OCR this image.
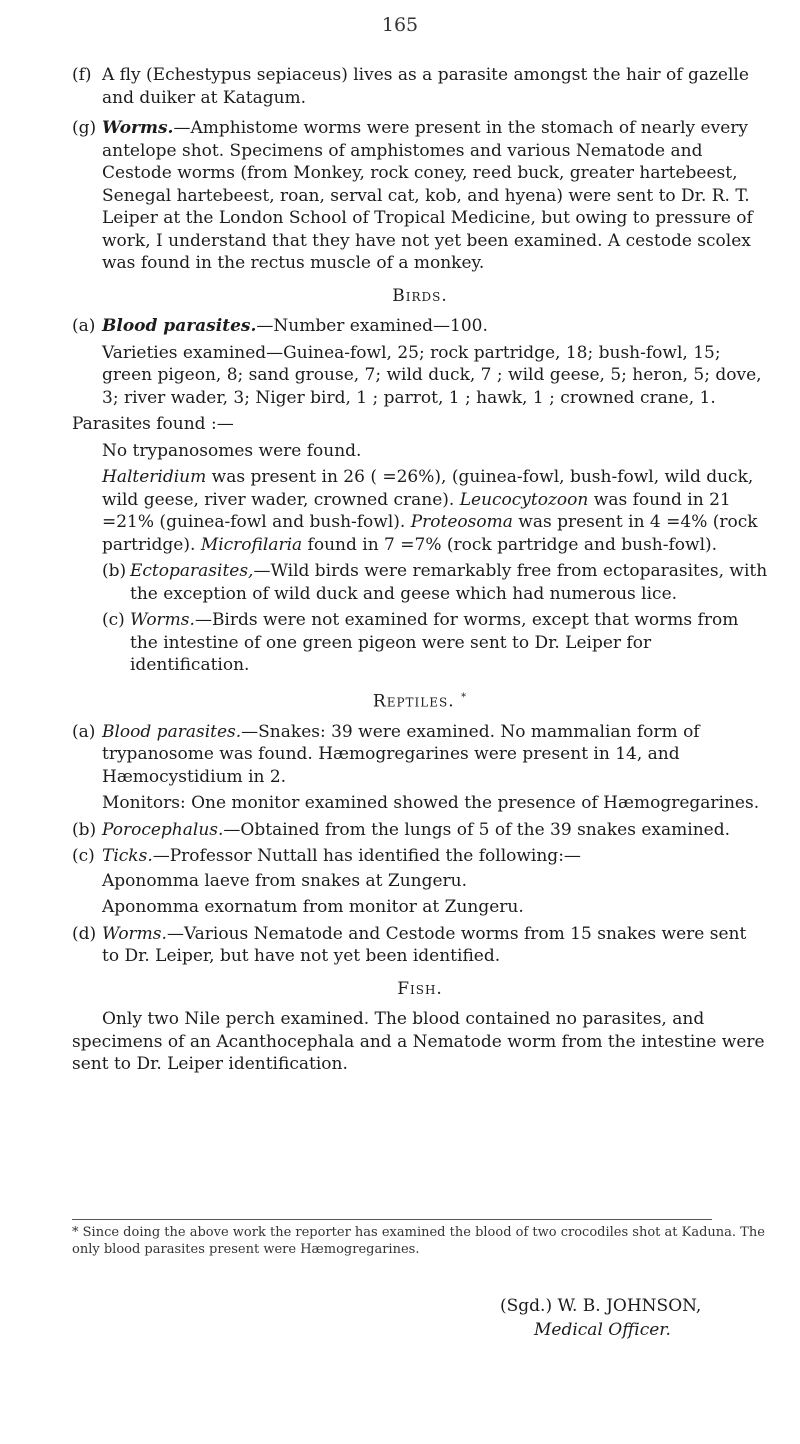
165

(f) A fly (Echestypus sepiaceus) lives as a parasite amongst the hair of gazelle and duiker at Katagum.

(g) Worms.—Amphistome worms were present in the stomach of nearly every antelope shot. Specimens of amphistomes and various Nematode and Cestode worms (from Monkey, rock coney, reed buck, greater hartebeest, Senegal hartebeest, roan, serval cat, kob, and hyena) were sent to Dr. R. T. Leiper at the London School of Tropical Medicine, but owing to pressure of work, I understand that they have not yet been examined. A cestode scolex was found in the rectus muscle of a monkey.

Birds.

(a) Blood parasites.—Number examined—100.

Varieties examined—Guinea-fowl, 25; rock partridge, 18; bush-fowl, 15; green pigeon, 8; sand grouse, 7; wild duck, 7 ; wild geese, 5; heron, 5; dove, 3; river wader, 3; Niger bird, 1 ; parrot, 1 ; hawk, 1 ; crowned crane, 1.

Parasites found :—

No trypanosomes were found.

Halteridium was present in 26 ( =26%), (guinea-fowl, bush-fowl, wild duck, wild geese, river wader, crowned crane). Leucocytozoon was found in 21 =21% (guinea-fowl and bush-fowl). Proteosoma was present in 4 =4% (rock partridge). Microfilaria found in 7 =7% (rock partridge and bush-fowl).

(b) Ectoparasites,—Wild birds were remarkably free from ectoparasites, with the exception of wild duck and geese which had numerous lice.

(c) Worms.—Birds were not examined for worms, except that worms from the intestine of one green pigeon were sent to Dr. Leiper for identification.

Reptiles. *

(a) Blood parasites.—Snakes: 39 were examined. No mammalian form of trypanosome was found. Hæmogregarines were present in 14, and Hæmocystidium in 2.

Monitors: One monitor examined showed the presence of Hæmogregarines.

(b) Porocephalus.—Obtained from the lungs of 5 of the 39 snakes examined.

(c) Ticks.—Professor Nuttall has identified the following:—

Aponomma laeve from snakes at Zungeru.

Aponomma exornatum from monitor at Zungeru.

(d) Worms.—Various Nematode and Cestode worms from 15 snakes were sent to Dr. Leiper, but have not yet been identified.

Fish.

Only two Nile perch examined. The blood contained no parasites, and specimens of an Acanthocephala and a Nematode worm from the intestine were sent to Dr. Leiper identification.

* Since doing the above work the reporter has examined the blood of two crocodiles shot at Kaduna. The only blood parasites present were Hæmogregarines.
(Sgd.) W. B. JOHNSON,
Medical Officer.
